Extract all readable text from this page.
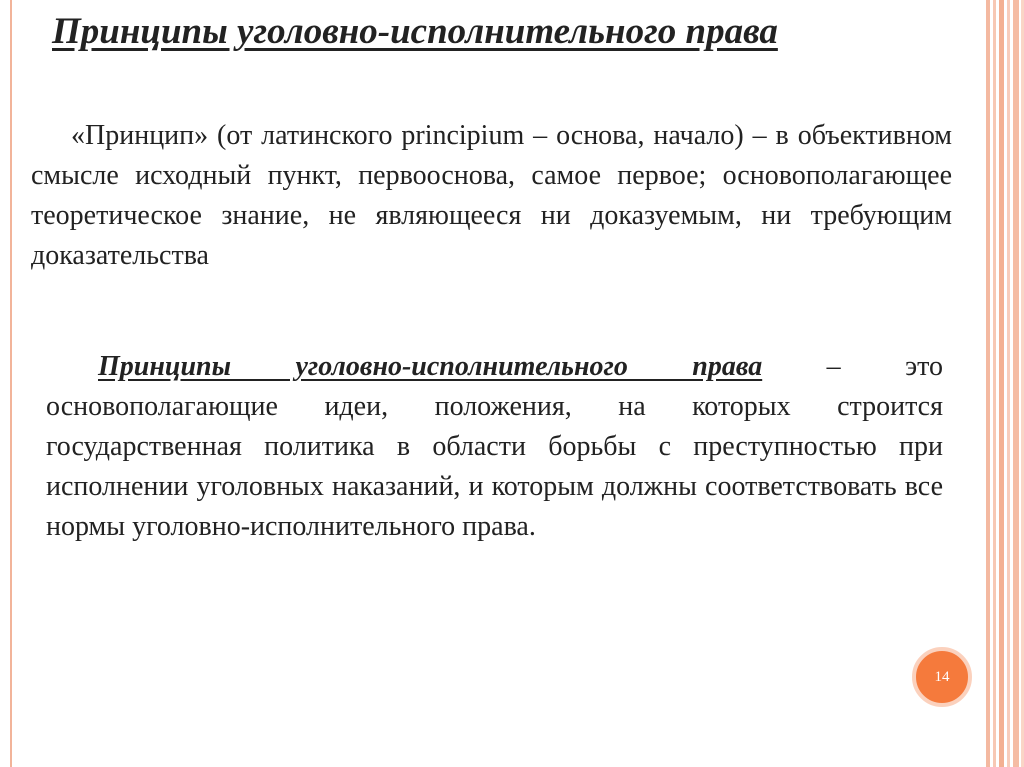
Принципы уголовно-исполнительного права

«Принцип» (от латинского principium – основа, начало) – в объективном смысле исходный пункт, первооснова, самое первое; основополагающее теоретическое знание, не являющееся ни доказуемым, ни требующим доказательства

Принципы уголовно-исполнительного права – это основополагающие идеи, положения, на которых строится государственная политика в области борьбы с преступностью при исполнении уголовных наказаний, и которым должны соответствовать все нормы уголовно-исполнительного права.

14
